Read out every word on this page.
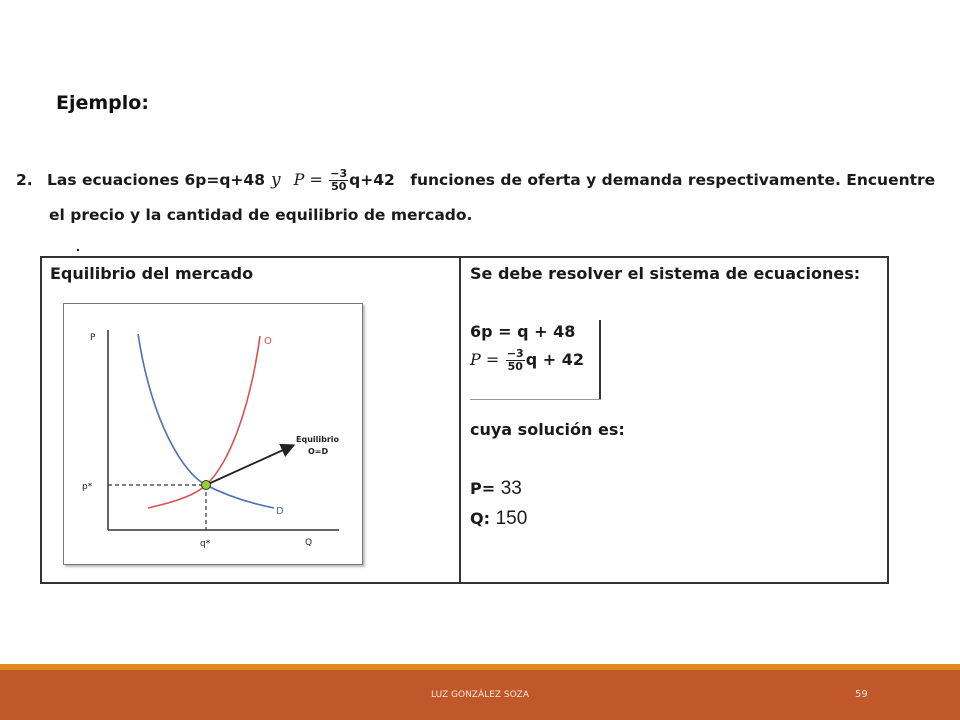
Ejemplo:
2. Las ecuaciones 6p=q+48 y $P = \frac{-3}{50} q+42$ funciones de oferta y demanda respectivamente. Encuentre
el precio y la cantidad de equilibrio de mercado.
.
Equilibrio del mercado
P
Q
O
D
p*
q*
Equilibrio
O=D
Se debe resolver el sistema de ecuaciones:
6p = q + 48
$P = \frac{-3}{50}$ q + 42
cuya solución es:
P= 33
Q: 150
LUZ GONZÁLEZ SOZA	59
